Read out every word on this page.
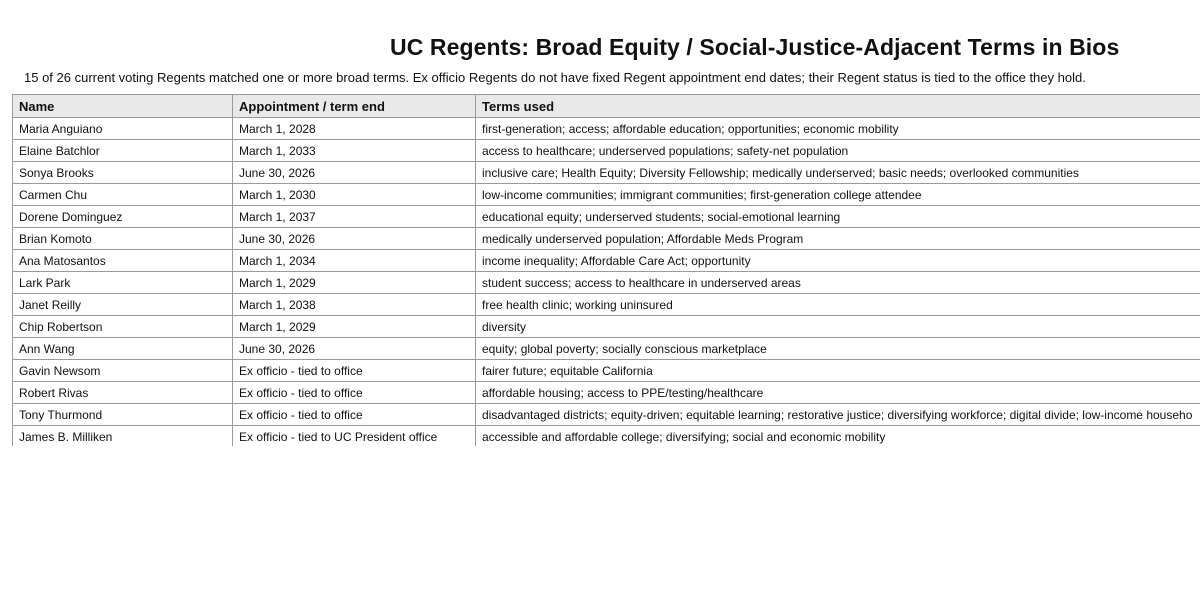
UC Regents: Broad Equity / Social-Justice-Adjacent Terms in Bios
15 of 26 current voting Regents matched one or more broad terms. Ex officio Regents do not have fixed Regent appointment end dates; their Regent status is tied to the office they hold.
Name	Appointment / term end	Terms used
Maria Anguiano	March 1, 2028	first-generation; access; affordable education; opportunities; economic mobility
Elaine Batchlor	March 1, 2033	access to healthcare; underserved populations; safety-net population
Sonya Brooks	June 30, 2026	inclusive care; Health Equity; Diversity Fellowship; medically underserved; basic needs; overlooked communities
Carmen Chu	March 1, 2030	low-income communities; immigrant communities; first-generation college attendee
Dorene Dominguez	March 1, 2037	educational equity; underserved students; social-emotional learning
Brian Komoto	June 30, 2026	medically underserved population; Affordable Meds Program
Ana Matosantos	March 1, 2034	income inequality; Affordable Care Act; opportunity
Lark Park	March 1, 2029	student success; access to healthcare in underserved areas
Janet Reilly	March 1, 2038	free health clinic; working uninsured
Chip Robertson	March 1, 2029	diversity
Ann Wang	June 30, 2026	equity; global poverty; socially conscious marketplace
Gavin Newsom	Ex officio - tied to office	fairer future; equitable California
Robert Rivas	Ex officio - tied to office	affordable housing; access to PPE/testing/healthcare
Tony Thurmond	Ex officio - tied to office	disadvantaged districts; equity-driven; equitable learning; restorative justice; diversifying workforce; digital divide; low-income househo
James B. Milliken	Ex officio - tied to UC President office	accessible and affordable college; diversifying; social and economic mobility
